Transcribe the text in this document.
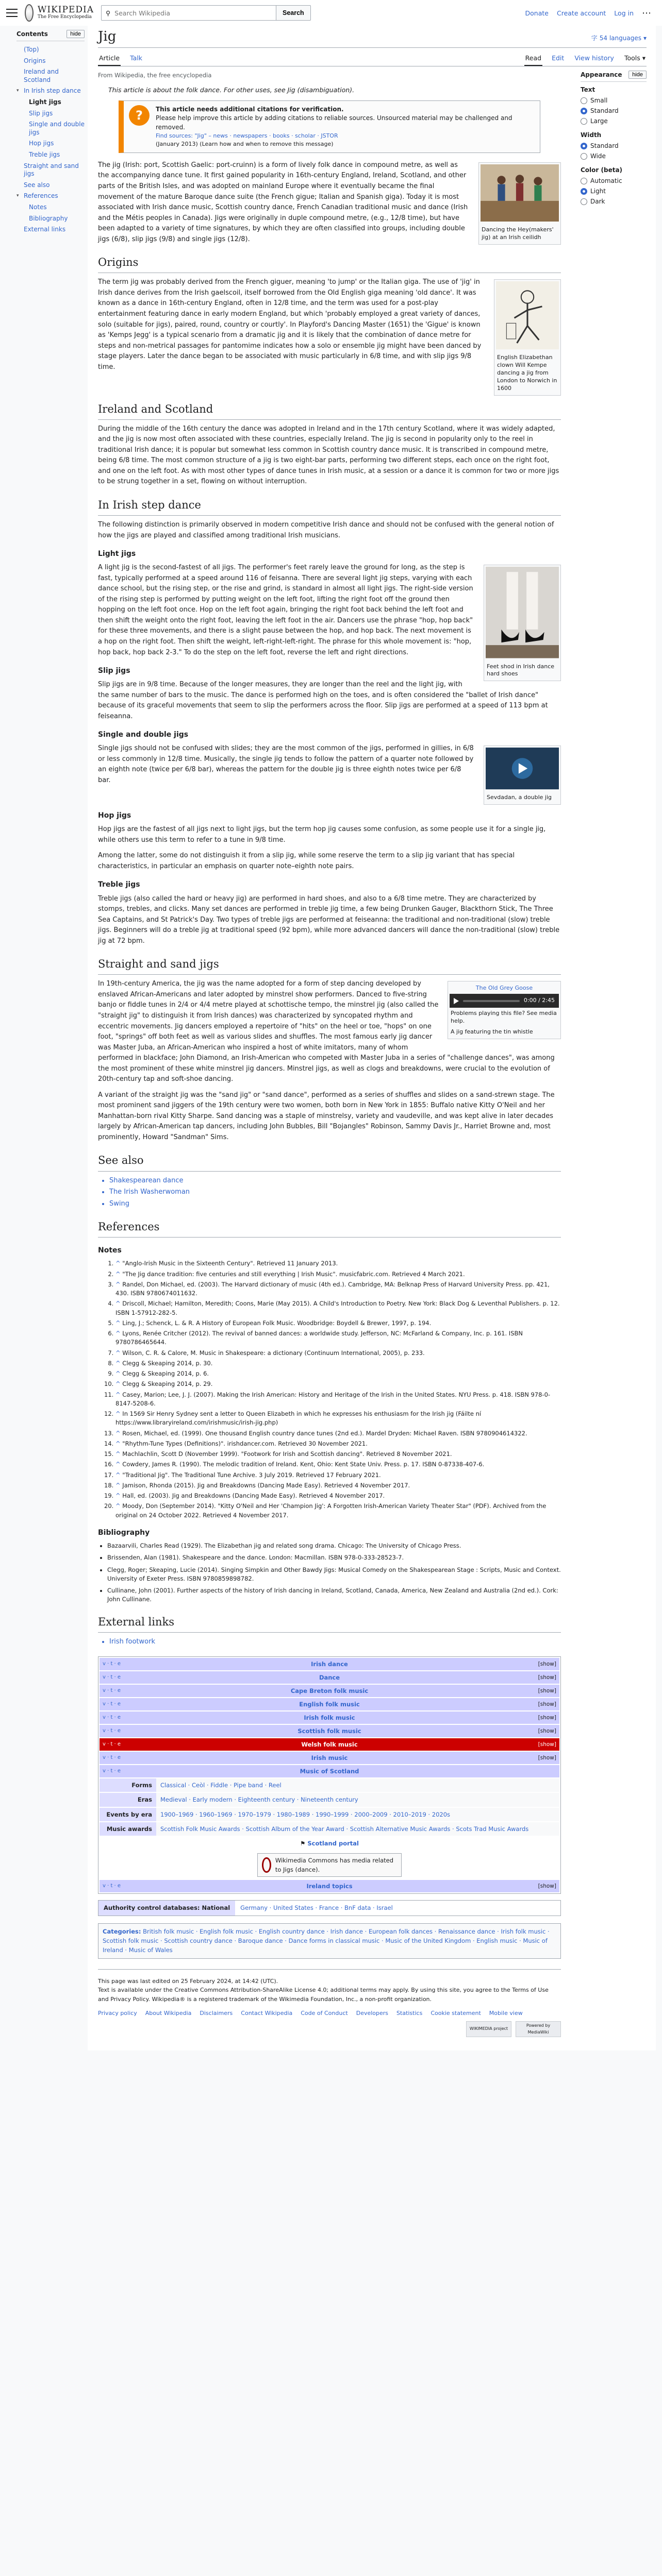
WIKIPEDIA
The Free Encyclopedia
⚲
Search Wikipedia	Search	Donate Create account Log in ⋯
Contents	hide
(Top)
Origins
Ireland and Scotland
▾ In Irish step dance
Light jigs
Slip jigs
Single and double jigs
Hop jigs
Treble jigs
Straight and sand jigs
See also
▾ References
Notes
Bibliography
External links
Jig	字 54 languages ▾
Article Talk	Read Edit View history Tools ▾
From Wikipedia, the free encyclopedia
This article is about the folk dance. For other uses, see Jig (disambiguation).
?	This article needs additional citations for verification.
Please help improve this article by adding citations to reliable sources. Unsourced material may be challenged and removed.
Find sources: "Jig" – news · newspapers · books · scholar · JSTOR
(January 2013) (Learn how and when to remove this message)
Dancing the Hey(makers' jig) at an Irish ceilidh

The jig (Irish: port, Scottish Gaelic: port-cruinn) is a form of lively folk dance in compound metre, as well as the accompanying dance tune. It first gained popularity in 16th-century England, Ireland, Scotland, and other parts of the British Isles, and was adopted on mainland Europe where it eventually became the final movement of the mature Baroque dance suite (the French gigue; Italian and Spanish giga). Today it is most associated with Irish dance music, Scottish country dance, French Canadian traditional music and dance (Irish and the Métis peoples in Canada). Jigs were originally in duple compound metre, (e.g., 12/8 time), but have been adapted to a variety of time signatures, by which they are often classified into groups, including double jigs (6/8), slip jigs (9/8) and single jigs (12/8).

Origins
English Elizabethan clown Will Kempe dancing a jig from London to Norwich in 1600

The term jig was probably derived from the French giguer, meaning 'to jump' or the Italian giga. The use of 'jig' in Irish dance derives from the Irish gaelscoil, itself borrowed from the Old English giga meaning 'old dance'. It was known as a dance in 16th-century England, often in 12/8 time, and the term was used for a post-play entertainment featuring dance in early modern England, but which 'probably employed a great variety of dances, solo (suitable for jigs), paired, round, country or courtly'. In Playford's Dancing Master (1651) the 'Gigue' is known as 'Kemps Jegg' is a typical scenario from a dramatic jig and it is likely that the combination of dance metre for steps and non-metrical passages for pantomime indicates how a solo or ensemble jig might have been danced by stage players. Later the dance began to be associated with music particularly in 6/8 time, and with slip jigs 9/8 time.

Ireland and Scotland

During the middle of the 16th century the dance was adopted in Ireland and in the 17th century Scotland, where it was widely adapted, and the jig is now most often associated with these countries, especially Ireland. The jig is second in popularity only to the reel in traditional Irish dance; it is popular but somewhat less common in Scottish country dance music. It is transcribed in compound metre, being 6/8 time. The most common structure of a jig is two eight-bar parts, performing two different steps, each once on the right foot, and one on the left foot. As with most other types of dance tunes in Irish music, at a session or a dance it is common for two or more jigs to be strung together in a set, flowing on without interruption.

In Irish step dance

The following distinction is primarily observed in modern competitive Irish dance and should not be confused with the general notion of how the jigs are played and classified among traditional Irish musicians.

Light jigs
Feet shod in Irish dance hard shoes

A light jig is the second-fastest of all jigs. The performer's feet rarely leave the ground for long, as the step is fast, typically performed at a speed around 116 of feisanna. There are several light jig steps, varying with each dance school, but the rising step, or the rise and grind, is standard in almost all light jigs. The right-side version of the rising step is performed by putting weight on the left foot, lifting the right foot off the ground then hopping on the left foot once. Hop on the left foot again, bringing the right foot back behind the left foot and then shift the weight onto the right foot, leaving the left foot in the air. Dancers use the phrase "hop, hop back" for these three movements, and there is a slight pause between the hop, and hop back. The next movement is a hop on the right foot. Then shift the weight, left-right-left-right. The phrase for this whole movement is: "hop, hop back, hop back 2-3." To do the step on the left foot, reverse the left and right directions.

Slip jigs

Slip jigs are in 9/8 time. Because of the longer measures, they are longer than the reel and the light jig, with the same number of bars to the music. The dance is performed high on the toes, and is often considered the "ballet of Irish dance" because of its graceful movements that seem to slip the performers across the floor. Slip jigs are performed at a speed of 113 bpm at feiseanna.

Single and double jigs
Sevdadan, a double jig

Single jigs should not be confused with slides; they are the most common of the jigs, performed in gillies, in 6/8 or less commonly in 12/8 time. Musically, the single jig tends to follow the pattern of a quarter note followed by an eighth note (twice per 6/8 bar), whereas the pattern for the double jig is three eighth notes twice per 6/8 bar.

Hop jigs

Hop jigs are the fastest of all jigs next to light jigs, but the term hop jig causes some confusion, as some people use it for a single jig, while others use this term to refer to a tune in 9/8 time.

Among the latter, some do not distinguish it from a slip jig, while some reserve the term to a slip jig variant that has special characteristics, in particular an emphasis on quarter note–eighth note pairs.

Treble jigs

Treble jigs (also called the hard or heavy jig) are performed in hard shoes, and also to a 6/8 time metre. They are characterized by stomps, trebles, and clicks. Many set dances are performed in treble jig time, a few being Drunken Gauger, Blackthorn Stick, The Three Sea Captains, and St Patrick's Day. Two types of treble jigs are performed at feiseanna: the traditional and non-traditional (slow) treble jigs. Beginners will do a treble jig at traditional speed (92 bpm), while more advanced dancers will dance the non-traditional (slow) treble jig at 72 bpm.

Straight and sand jigs
The Old Grey Goose
0:00 / 2:45
Problems playing this file? See media help.
A jig featuring the tin whistle

In 19th-century America, the jig was the name adopted for a form of step dancing developed by enslaved African-Americans and later adopted by minstrel show performers. Danced to five-string banjo or fiddle tunes in 2/4 or 4/4 metre played at schottische tempo, the minstrel jig (also called the "straight jig" to distinguish it from Irish dances) was characterized by syncopated rhythm and eccentric movements. Jig dancers employed a repertoire of "hits" on the heel or toe, "hops" on one foot, "springs" off both feet as well as various slides and shuffles. The most famous early jig dancer was Master Juba, an African-American who inspired a host of white imitators, many of whom performed in blackface; John Diamond, an Irish-American who competed with Master Juba in a series of "challenge dances", was among the most prominent of these white minstrel jig dancers. Minstrel jigs, as well as clogs and breakdowns, were crucial to the evolution of 20th-century tap and soft-shoe dancing.

A variant of the straight jig was the "sand jig" or "sand dance", performed as a series of shuffles and slides on a sand-strewn stage. The most prominent sand jiggers of the 19th century were two women, both born in New York in 1855: Buffalo native Kitty O'Neil and her Manhattan-born rival Kitty Sharpe. Sand dancing was a staple of minstrelsy, variety and vaudeville, and was kept alive in later decades largely by African-American tap dancers, including John Bubbles, Bill "Bojangles" Robinson, Sammy Davis Jr., Harriet Browne and, most prominently, Howard "Sandman" Sims.

See also
• Shakespearean dance
• The Irish Washerwoman
• Swing
References
Notes
1. ^ "Anglo-Irish Music in the Sixteenth Century". Retrieved 11 January 2013.
2. ^ "The Jig dance tradition: five centuries and still everything | Irish Music". musicfabric.com. Retrieved 4 March 2021.
3. ^ Randel, Don Michael, ed. (2003). The Harvard dictionary of music (4th ed.). Cambridge, MA: Belknap Press of Harvard University Press. pp. 421, 430. ISBN 9780674011632.
4. ^ Driscoll, Michael; Hamilton, Meredith; Coons, Marie (May 2015). A Child's Introduction to Poetry. New York: Black Dog & Leventhal Publishers. p. 12. ISBN 1-57912-282-5.
5. ^ Ling, J.; Schenck, L. & R. A History of European Folk Music. Woodbridge: Boydell & Brewer, 1997, p. 194.
6. ^ Lyons, Renée Critcher (2012). The revival of banned dances: a worldwide study. Jefferson, NC: McFarland & Company, Inc. p. 161. ISBN 9780786465644.
7. ^ Wilson, C. R. & Calore, M. Music in Shakespeare: a dictionary (Continuum International, 2005), p. 233.
8. ^ Clegg & Skeaping 2014, p. 30.
9. ^ Clegg & Skeaping 2014, p. 6.
10. ^ Clegg & Skeaping 2014, p. 29.
11. ^ Casey, Marion; Lee, J. J. (2007). Making the Irish American: History and Heritage of the Irish in the United States. NYU Press. p. 418. ISBN 978-0-8147-5208-6.
12. ^ In 1569 Sir Henry Sydney sent a letter to Queen Elizabeth in which he expresses his enthusiasm for the Irish jig (Fáilte ní https://www.libraryireland.com/irishmusic/irish-jig.php)
13. ^ Rosen, Michael, ed. (1999). One thousand English country dance tunes (2nd ed.). Mardel Dryden: Michael Raven. ISBN 9780904614322.
14. ^ "Rhythm-Tune Types (Definitions)". irishdancer.com. Retrieved 30 November 2021.
15. ^ Machlachlin, Scott D (November 1999). "Footwork for Irish and Scottish dancing". Retrieved 8 November 2021.
16. ^ Cowdery, James R. (1990). The melodic tradition of Ireland. Kent, Ohio: Kent State Univ. Press. p. 17. ISBN 0-87338-407-6.
17. ^ "Traditional Jig". The Traditional Tune Archive. 3 July 2019. Retrieved 17 February 2021.
18. ^ Jamison, Rhonda (2015). Jig and Breakdowns (Dancing Made Easy). Retrieved 4 November 2017.
19. ^ Hall, ed. (2003). Jig and Breakdowns (Dancing Made Easy). Retrieved 4 November 2017.
20. ^ Moody, Don (September 2014). "Kitty O'Neil and Her 'Champion Jig': A Forgotten Irish-American Variety Theater Star" (PDF). Archived from the original on 24 October 2022. Retrieved 4 November 2017.
Bibliography
• Bazaarvili, Charles Read (1929). The Elizabethan jig and related song drama. Chicago: The University of Chicago Press.
• Brissenden, Alan (1981). Shakespeare and the dance. London: Macmillan. ISBN 978-0-333-28523-7.
• Clegg, Roger; Skeaping, Lucie (2014). Singing Simpkin and Other Bawdy Jigs: Musical Comedy on the Shakespearean Stage : Scripts, Music and Context. University of Exeter Press. ISBN 9780859898782.
• Cullinane, John (2001). Further aspects of the history of Irish dancing in Ireland, Scotland, Canada, America, New Zealand and Australia (2nd ed.). Cork: John Cullinane.
External links
• Irish footwork
v · t · e	Irish dance	[show]
v · t · e	Dance	[show]
v · t · e	Cape Breton folk music	[show]
v · t · e	English folk music	[show]
v · t · e	Irish folk music	[show]
v · t · e	Scottish folk music	[show]
v · t · e	Welsh folk music	[show]
v · t · e	Irish music	[show]
v · t · e	Music of Scotland
Forms	Classical · Ceòl · Fiddle · Pipe band · Reel
Eras	Medieval · Early modern · Eighteenth century · Nineteenth century
Events by era	1900–1969 · 1960–1969 · 1970–1979 · 1980–1989 · 1990–1999 · 2000–2009 · 2010–2019 · 2020s
Music awards	Scottish Folk Music Awards · Scottish Album of the Year Award · Scottish Alternative Music Awards · Scots Trad Music Awards
⚑ Scotland portal
Wikimedia Commons has media related to Jigs (dance).
v · t · e	Ireland topics	[show]
Authority control databases: National	Germany · United States · France · BnF data · Israel
Categories: British folk music · English folk music · English country dance · Irish dance · European folk dances · Renaissance dance · Irish folk music · Scottish folk music · Scottish country dance · Baroque dance · Dance forms in classical music · Music of the United Kingdom · English music · Music of Ireland · Music of Wales
This page was last edited on 25 February 2024, at 14:42 (UTC).
Text is available under the Creative Commons Attribution-ShareAlike License 4.0; additional terms may apply. By using this site, you agree to the Terms of Use and Privacy Policy. Wikipedia® is a registered trademark of the Wikimedia Foundation, Inc., a non-profit organization.
Privacy policy About Wikipedia Disclaimers Contact Wikipedia Code of Conduct Developers Statistics Cookie statement Mobile view
WIKIMEDIA project
Powered by MediaWiki
Appearance	hide
Text
Small
Standard
Large
Width
Standard
Wide
Color (beta)
Automatic
Light
Dark
